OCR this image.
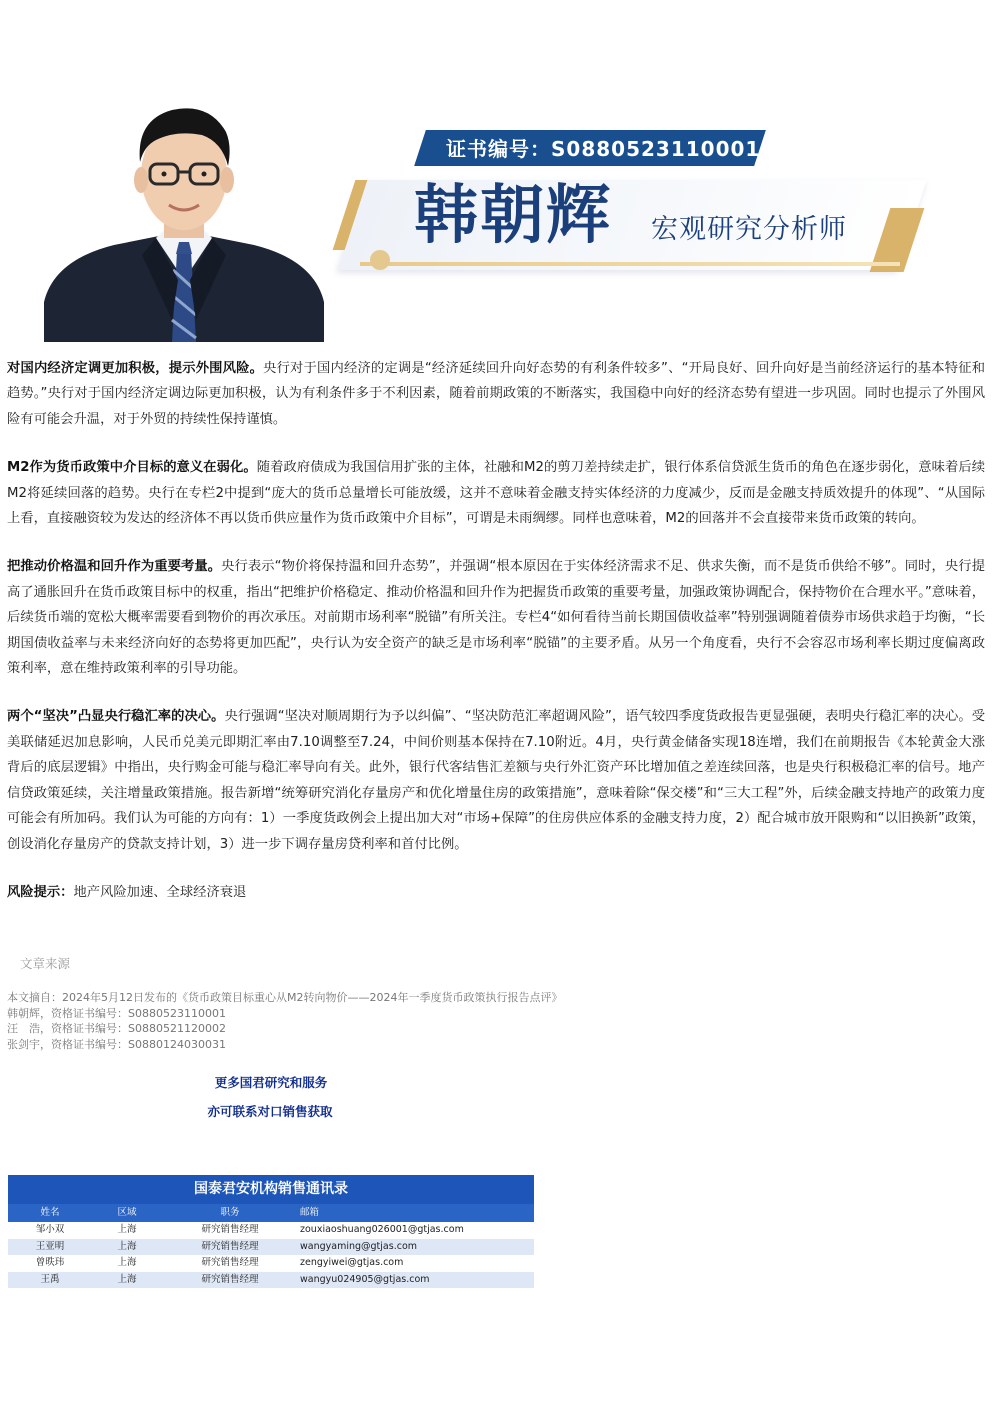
证书编号：S0880523110001
韩朝辉 宏观研究分析师

对国内经济定调更加积极，提示外围风险。央行对于国内经济的定调是“经济延续回升向好态势的有利条件较多”、“开局良好、回升向好是当前经济运行的基本特征和趋势。”央行对于国内经济定调边际更加积极，认为有利条件多于不利因素，随着前期政策的不断落实，我国稳中向好的经济态势有望进一步巩固。同时也提示了外围风险有可能会升温，对于外贸的持续性保持谨慎。

M2作为货币政策中介目标的意义在弱化。随着政府债成为我国信用扩张的主体，社融和M2的剪刀差持续走扩，银行体系信贷派生货币的角色在逐步弱化，意味着后续M2将延续回落的趋势。央行在专栏2中提到“庞大的货币总量增长可能放缓，这并不意味着金融支持实体经济的力度减少，反而是金融支持质效提升的体现”、“从国际上看，直接融资较为发达的经济体不再以货币供应量作为货币政策中介目标”，可谓是未雨绸缪。同样也意味着，M2的回落并不会直接带来货币政策的转向。

把推动价格温和回升作为重要考量。央行表示“物价将保持温和回升态势”，并强调“根本原因在于实体经济需求不足、供求失衡，而不是货币供给不够”。同时，央行提高了通胀回升在货币政策目标中的权重，指出“把维护价格稳定、推动价格温和回升作为把握货币政策的重要考量，加强政策协调配合，保持物价在合理水平。”意味着，后续货币端的宽松大概率需要看到物价的再次承压。对前期市场利率“脱锚”有所关注。专栏4“如何看待当前长期国债收益率”特别强调随着债券市场供求趋于均衡，“长期国债收益率与未来经济向好的态势将更加匹配”，央行认为安全资产的缺乏是市场利率“脱锚”的主要矛盾。从另一个角度看，央行不会容忍市场利率长期过度偏离政策利率，意在维持政策利率的引导功能。

两个“坚决”凸显央行稳汇率的决心。央行强调“坚决对顺周期行为予以纠偏”、“坚决防范汇率超调风险”，语气较四季度货政报告更显强硬，表明央行稳汇率的决心。受美联储延迟加息影响，人民币兑美元即期汇率由7.10调整至7.24，中间价则基本保持在7.10附近。4月，央行黄金储备实现18连增，我们在前期报告《本轮黄金大涨背后的底层逻辑》中指出，央行购金可能与稳汇率导向有关。此外，银行代客结售汇差额与央行外汇资产环比增加值之差连续回落，也是央行积极稳汇率的信号。地产信贷政策延续，关注增量政策措施。报告新增“统筹研究消化存量房产和优化增量住房的政策措施”，意味着除“保交楼”和“三大工程”外，后续金融支持地产的政策力度可能会有所加码。我们认为可能的方向有：1）一季度货政例会上提出加大对“市场+保障”的住房供应体系的金融支持力度，2）配合城市放开限购和“以旧换新”政策，创设消化存量房产的贷款支持计划，3）进一步下调存量房贷利率和首付比例。

风险提示：地产风险加速、全球经济衰退

文章来源
本文摘自：2024年5月12日发布的《货币政策目标重心从M2转向物价——2024年一季度货币政策执行报告点评》
韩朝辉，资格证书编号：S0880523110001
汪　浩，资格证书编号：S0880521120002
张剑宇，资格证书编号：S0880124030031
更多国君研究和服务
亦可联系对口销售获取
国泰君安机构销售通讯录
姓名	区域	职务	邮箱
邹小双	上海	研究销售经理	zouxiaoshuang026001@gtjas.com
王亚明	上海	研究销售经理	wangyaming@gtjas.com
曾昳玮	上海	研究销售经理	zengyiwei@gtjas.com
王禹	上海	研究销售经理	wangyu024905@gtjas.com
